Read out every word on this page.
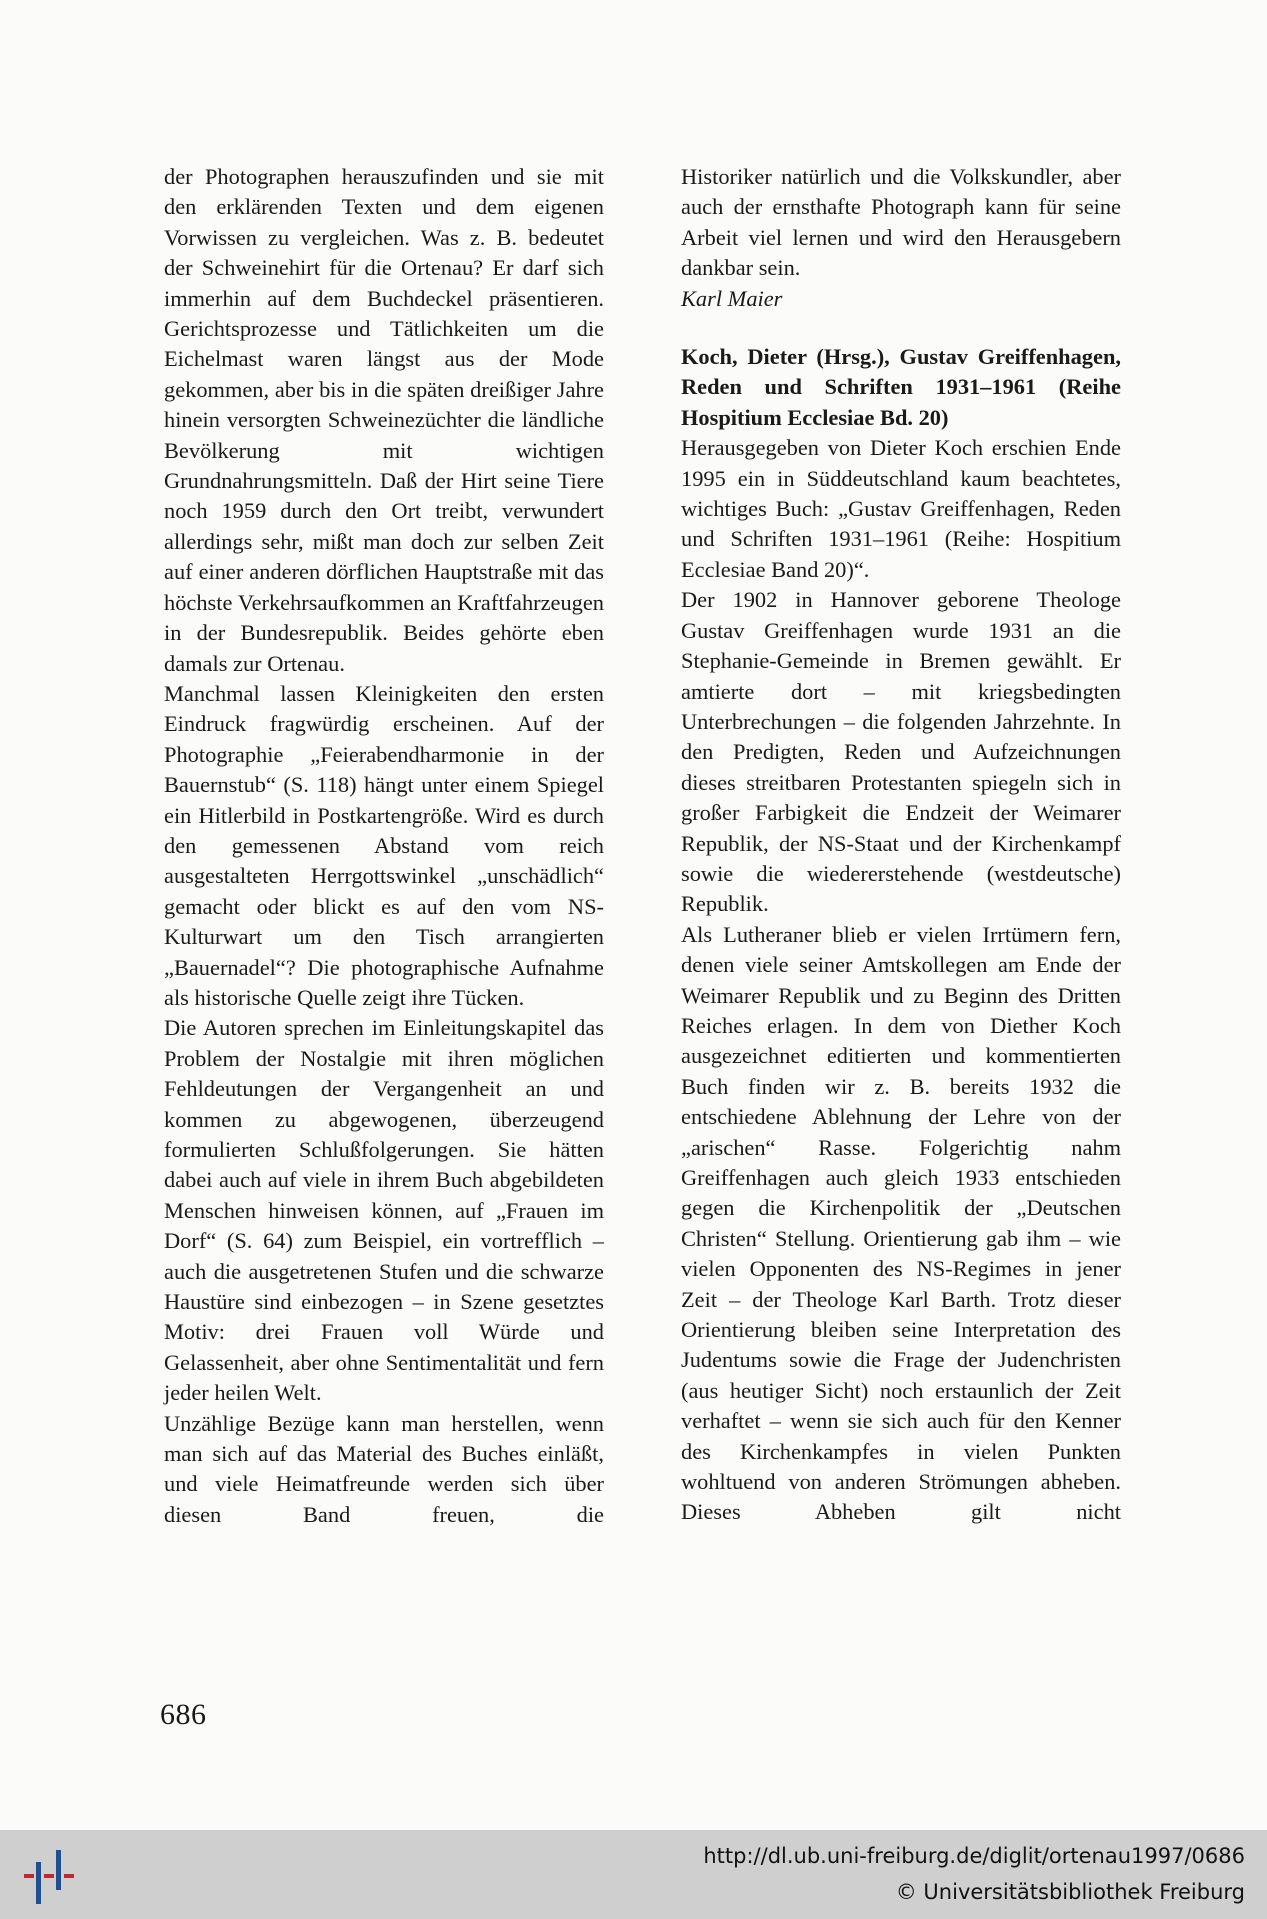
der Photographen herauszufinden und sie mit den erklärenden Texten und dem eigenen Vorwissen zu vergleichen. Was z. B. bedeutet der Schweinehirt für die Ortenau? Er darf sich immerhin auf dem Buchdeckel präsentieren. Gerichtsprozesse und Tätlichkeiten um die Eichelmast waren längst aus der Mode gekommen, aber bis in die späten dreißiger Jahre hinein versorgten Schweinezüchter die ländliche Bevölkerung mit wichtigen Grundnahrungsmitteln. Daß der Hirt seine Tiere noch 1959 durch den Ort treibt, verwundert allerdings sehr, mißt man doch zur selben Zeit auf einer anderen dörflichen Hauptstraße mit das höchste Verkehrsaufkommen an Kraftfahrzeugen in der Bundesrepublik. Beides gehörte eben damals zur Ortenau.

Manchmal lassen Kleinigkeiten den ersten Eindruck fragwürdig erscheinen. Auf der Photographie „Feierabendharmonie in der Bauernstub“ (S. 118) hängt unter einem Spiegel ein Hitlerbild in Postkartengröße. Wird es durch den gemessenen Abstand vom reich ausgestalteten Herrgottswinkel „unschädlich“ gemacht oder blickt es auf den vom NS-Kulturwart um den Tisch arrangierten „Bauernadel“? Die photographische Aufnahme als historische Quelle zeigt ihre Tücken.

Die Autoren sprechen im Einleitungskapitel das Problem der Nostalgie mit ihren möglichen Fehldeutungen der Vergangenheit an und kommen zu abgewogenen, überzeugend formulierten Schlußfolgerungen. Sie hätten dabei auch auf viele in ihrem Buch abgebildeten Menschen hinweisen können, auf „Frauen im Dorf“ (S. 64) zum Beispiel, ein vortrefflich – auch die ausgetretenen Stufen und die schwarze Haustüre sind einbezogen – in Szene gesetztes Motiv: drei Frauen voll Würde und Gelassenheit, aber ohne Sentimentalität und fern jeder heilen Welt.

Unzählige Bezüge kann man herstellen, wenn man sich auf das Material des Buches einläßt, und viele Heimatfreunde werden sich über diesen Band freuen, die

Historiker natürlich und die Volkskundler, aber auch der ernsthafte Photograph kann für seine Arbeit viel lernen und wird den Herausgebern dankbar sein.

Karl Maier

Koch, Dieter (Hrsg.), Gustav Greiffenhagen, Reden und Schriften 1931–1961 (Reihe Hospitium Ecclesiae Bd. 20)

Herausgegeben von Dieter Koch erschien Ende 1995 ein in Süddeutschland kaum beachtetes, wichtiges Buch: „Gustav Greiffenhagen, Reden und Schriften 1931–1961 (Reihe: Hospitium Ecclesiae Band 20)“.

Der 1902 in Hannover geborene Theologe Gustav Greiffenhagen wurde 1931 an die Stephanie-Gemeinde in Bremen gewählt. Er amtierte dort – mit kriegsbedingten Unterbrechungen – die folgenden Jahrzehnte. In den Predigten, Reden und Aufzeichnungen dieses streitbaren Protestanten spiegeln sich in großer Farbigkeit die Endzeit der Weimarer Republik, der NS-Staat und der Kirchenkampf sowie die wiedererstehende (westdeutsche) Republik.

Als Lutheraner blieb er vielen Irrtümern fern, denen viele seiner Amtskollegen am Ende der Weimarer Republik und zu Beginn des Dritten Reiches erlagen. In dem von Diether Koch ausgezeichnet editierten und kommentierten Buch finden wir z. B. bereits 1932 die entschiedene Ablehnung der Lehre von der „arischen“ Rasse. Folgerichtig nahm Greiffenhagen auch gleich 1933 entschieden gegen die Kirchenpolitik der „Deutschen Christen“ Stellung. Orientierung gab ihm – wie vielen Opponenten des NS-Regimes in jener Zeit – der Theologe Karl Barth. Trotz dieser Orientierung bleiben seine Interpretation des Judentums sowie die Frage der Judenchristen (aus heutiger Sicht) noch erstaunlich der Zeit verhaftet – wenn sie sich auch für den Kenner des Kirchenkampfes in vielen Punkten wohltuend von anderen Strömungen abheben. Dieses Abheben gilt nicht

686
http://dl.ub.uni-freiburg.de/diglit/ortenau1997/0686
© Universitätsbibliothek Freiburg
